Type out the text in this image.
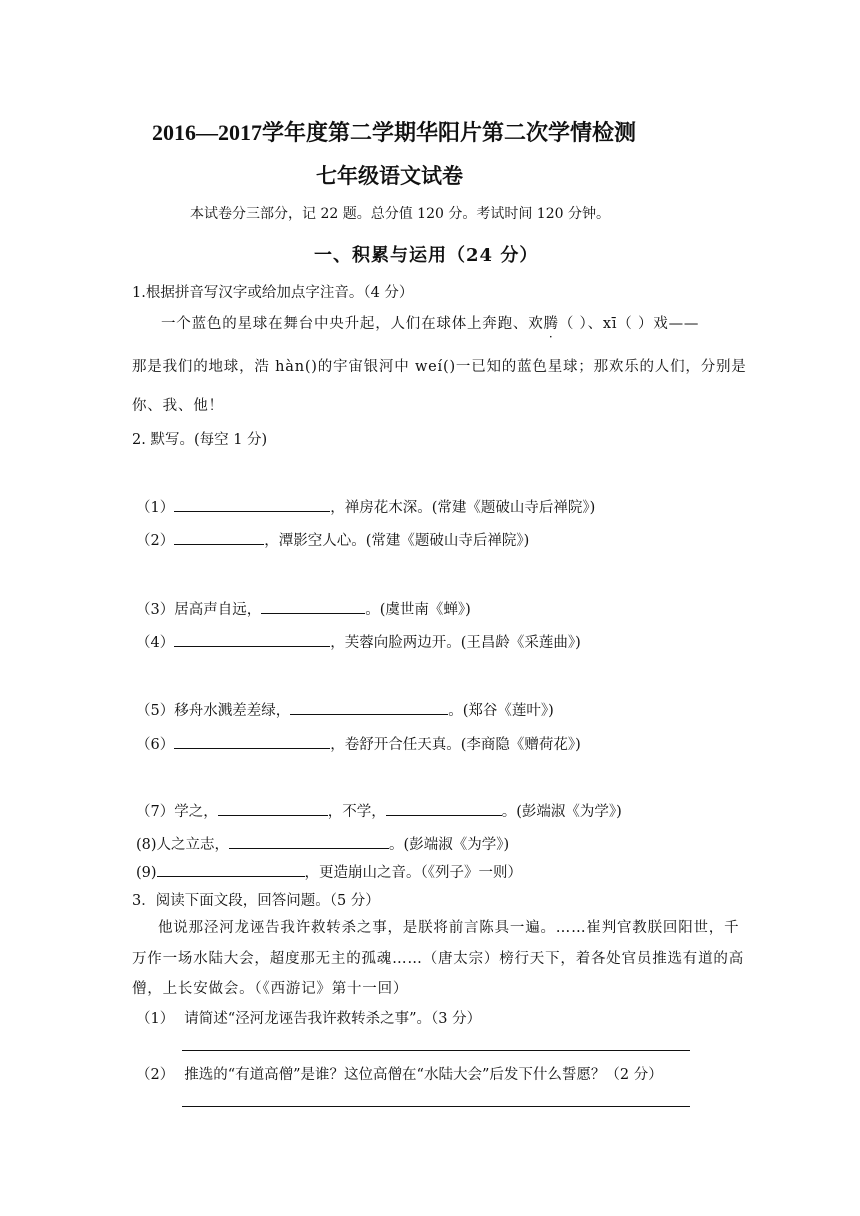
2016—2017学年度第二学期华阳片第二次学情检测
七年级语文试卷
本试卷分三部分，记 22 题。总分值 120 分。考试时间 120 分钟。
一、积累与运用（24 分）
1.根据拼音写汉字或给加点字注音。（4 分）
一个蓝色的星球在舞台中央升起，人们在球体上奔跑、欢腾（ ）、xī（ ）戏——
那是我们的地球，浩 hàn()的宇宙银河中 weí()一已知的蓝色星球；那欢乐的人们，分别是
你、我、他！
2. 默写。(每空 1 分)
（1）	，禅房花木深。(常建《题破山寺后禅院》)
（2）	，潭影空人心。(常建《题破山寺后禅院》)
（3）居高声自远，	。(虞世南《蝉》)
（4）	，芙蓉向脸两边开。(王昌龄《采莲曲》)
（5）移舟水溅差差绿，	。(郑谷《莲叶》)
（6）	，卷舒开合任天真。(李商隐《赠荷花》)
（7）学之，	，不学，	。(彭端淑《为学》)
(8)人之立志，	。(彭端淑《为学》)
(9)	，更造崩山之音。（《列子》一则）
3．阅读下面文段，回答问题。（5 分）
他说那泾河龙诬告我许救转杀之事，是朕将前言陈具一遍。……崔判官教朕回阳世，千
万作一场水陆大会，超度那无主的孤魂……（唐太宗）榜行天下，着各处官员推选有道的高
僧，上长安做会。（《西游记》第十一回）
（1） 请简述“泾河龙诬告我许救转杀之事”。（3 分）
（2） 推选的“有道高僧”是谁？这位高僧在“水陆大会”后发下什么誓愿？（2 分）
